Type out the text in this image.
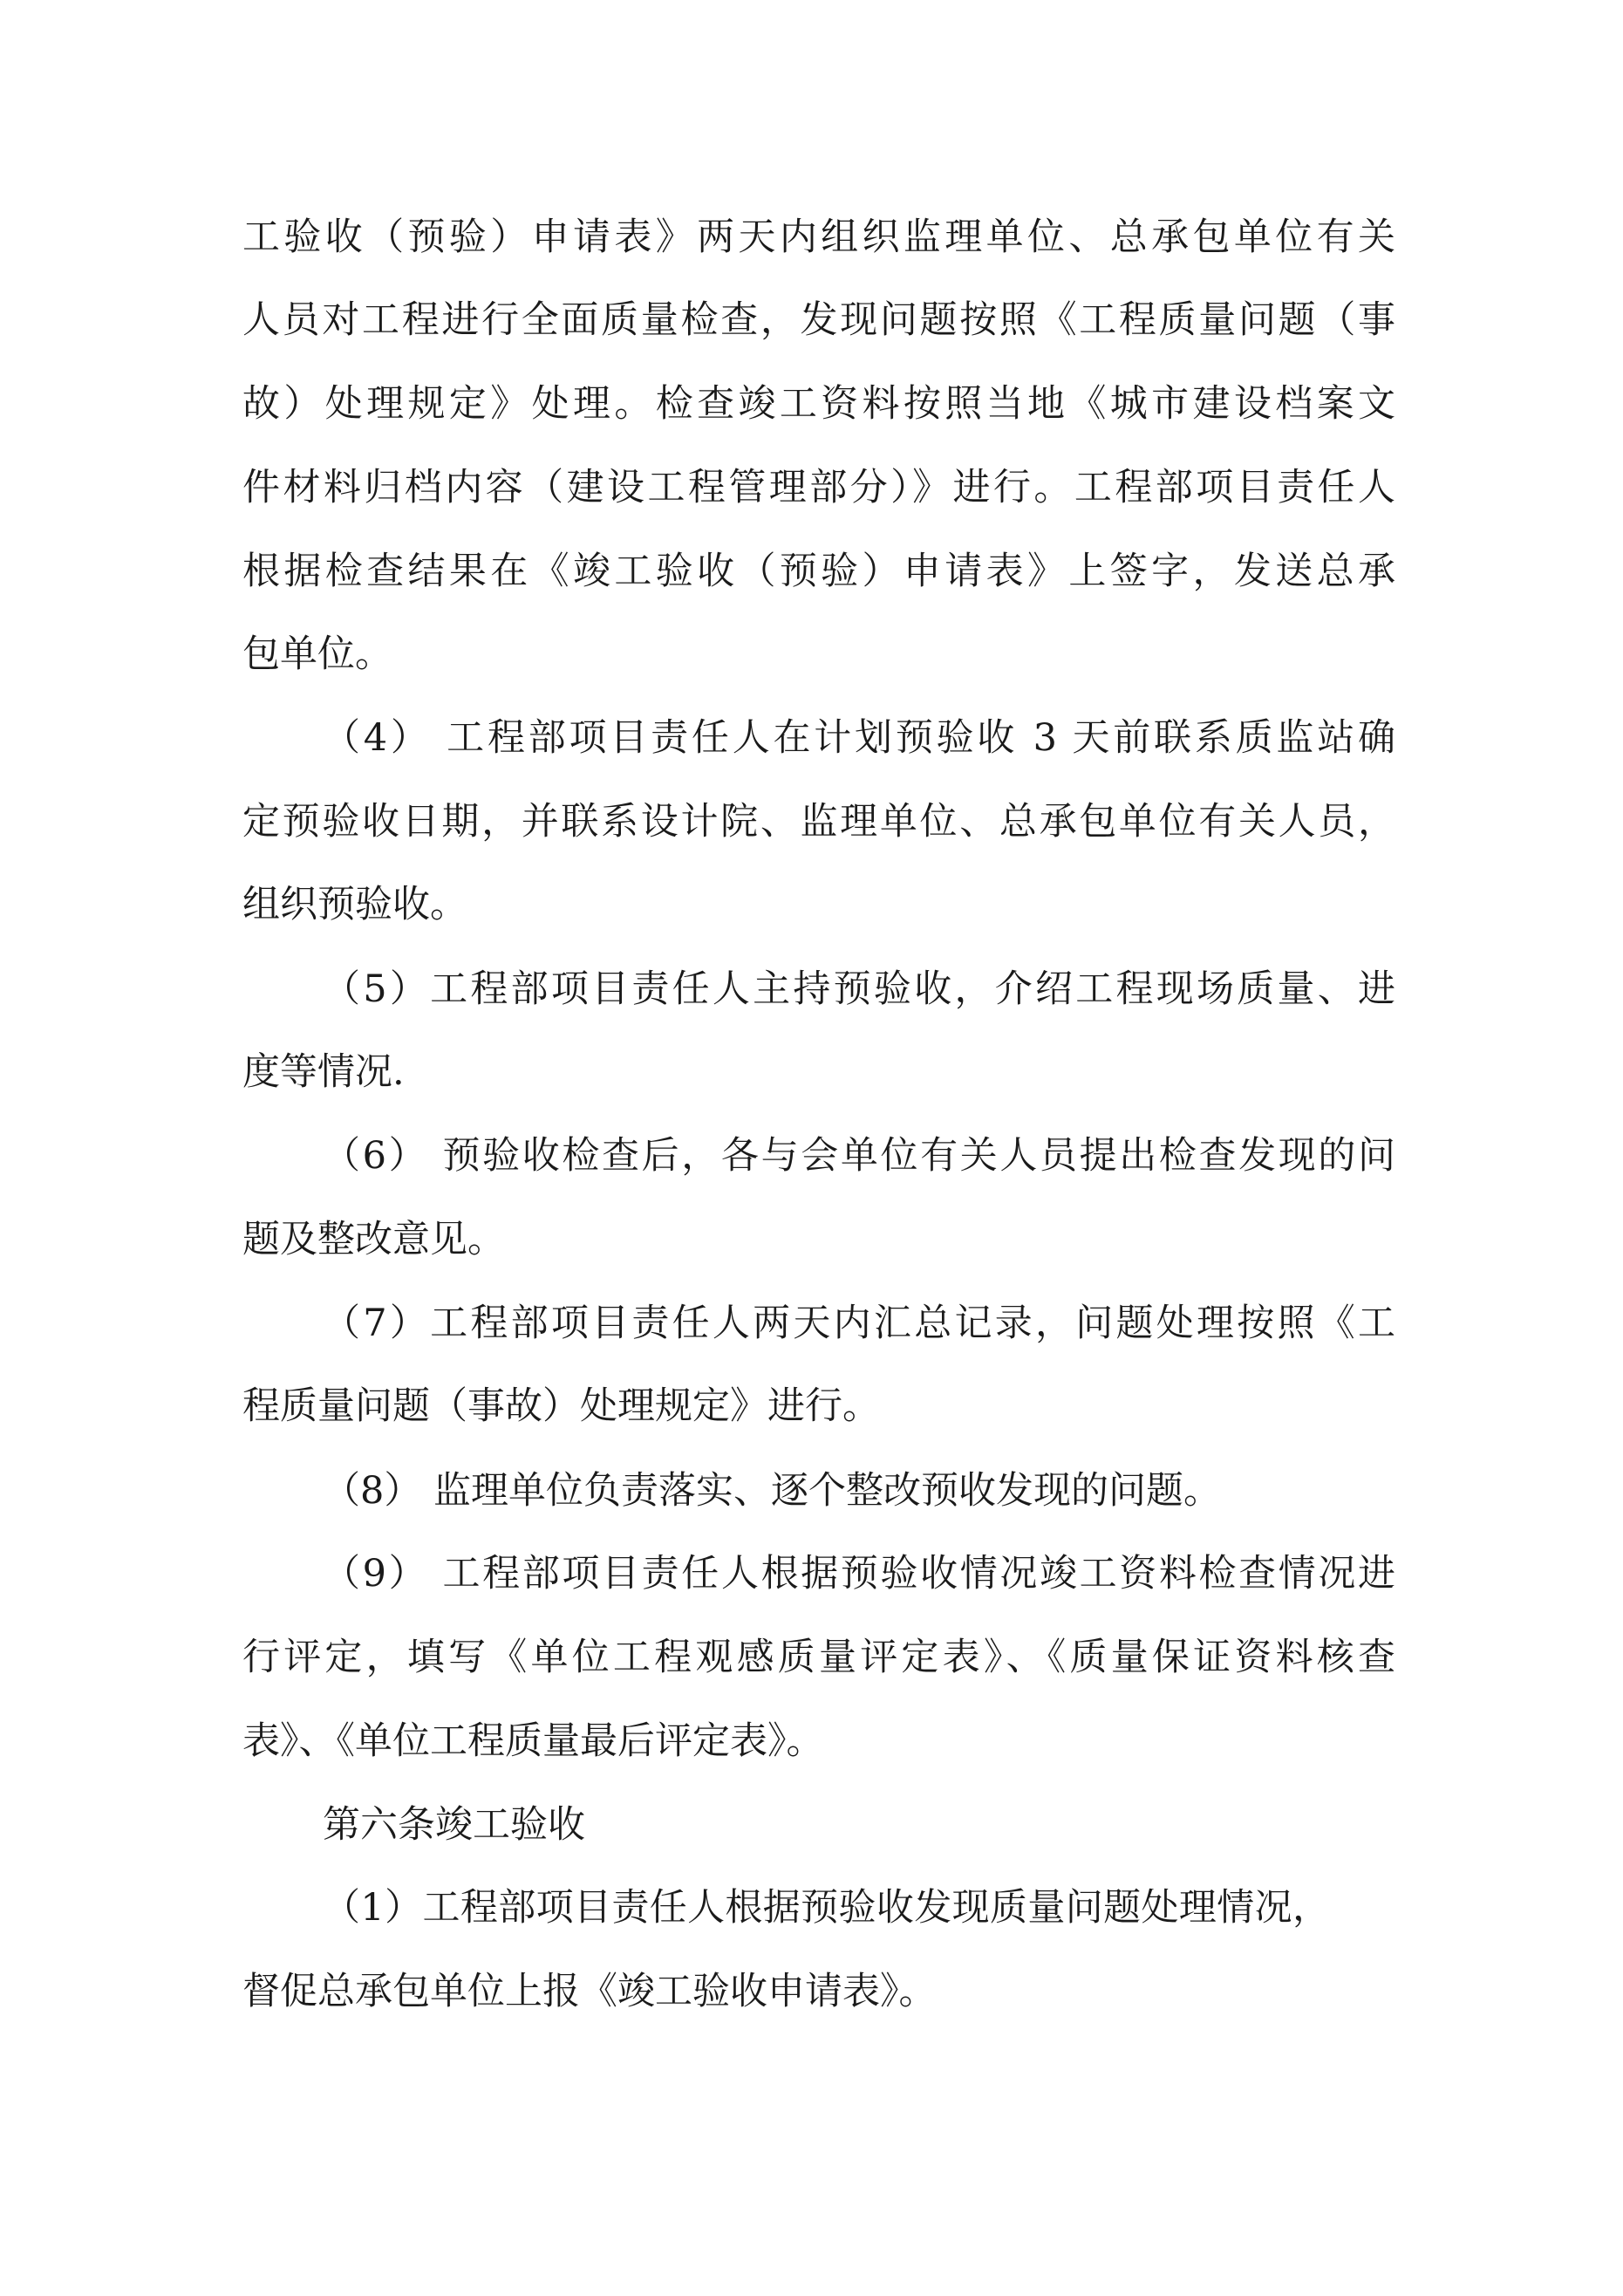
工验收（预验）申请表》两天内组织监理单位、总承包单位有关
人员对工程进行全面质量检查，发现问题按照《工程质量问题（事
故）处理规定》处理。检查竣工资料按照当地《城市建设档案文
件材料归档内容（建设工程管理部分）》进行。工程部项目责任人
根据检查结果在《竣工验收（预验）申请表》上签字，发送总承
包单位。
（4） 工程部项目责任人在计划预验收 3 天前联系质监站确
定预验收日期，并联系设计院、监理单位、总承包单位有关人员，
组织预验收。
（5）工程部项目责任人主持预验收，介绍工程现场质量、进
度等情况.
（6） 预验收检查后，各与会单位有关人员提出检查发现的问
题及整改意见。
（7）工程部项目责任人两天内汇总记录，问题处理按照《工
程质量问题（事故）处理规定》进行。
（8） 监理单位负责落实、逐个整改预收发现的问题。
（9） 工程部项目责任人根据预验收情况竣工资料检查情况进
行评定，填写《单位工程观感质量评定表》、《质量保证资料核查
表》、《单位工程质量最后评定表》。
第六条竣工验收
（1）工程部项目责任人根据预验收发现质量问题处理情况，
督促总承包单位上报《竣工验收申请表》。
